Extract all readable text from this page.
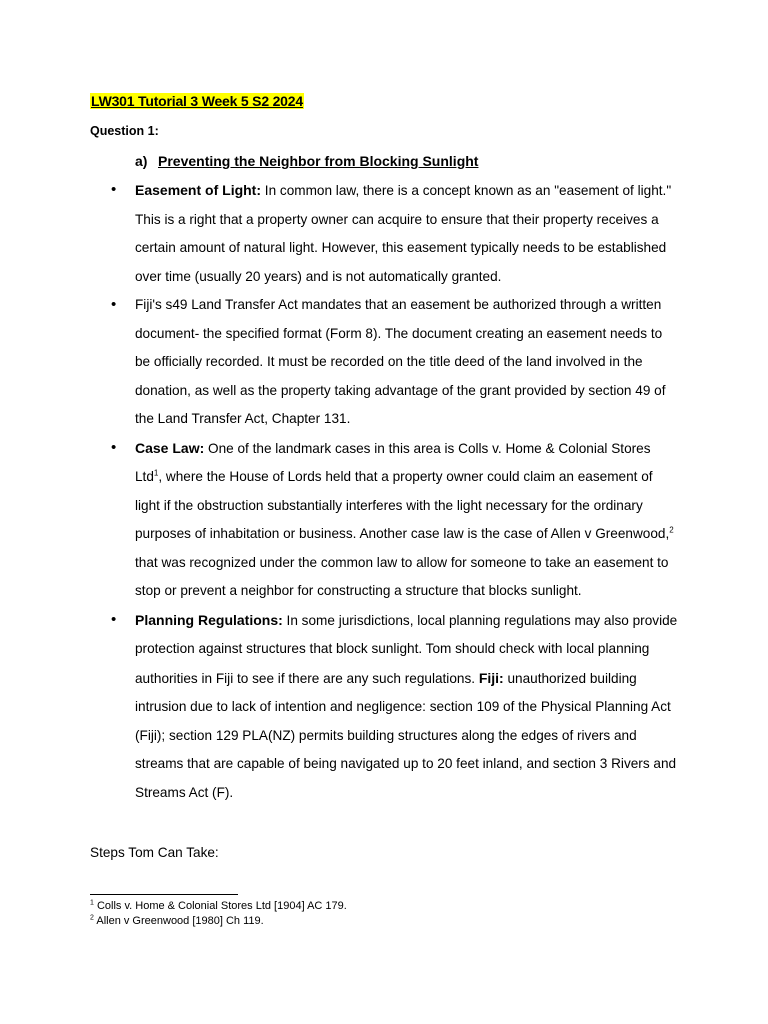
LW301 Tutorial 3 Week 5 S2 2024
Question 1:
a) Preventing the Neighbor from Blocking Sunlight

• Easement of Light: In common law, there is a concept known as an "easement of light." This is a right that a property owner can acquire to ensure that their property receives a certain amount of natural light. However, this easement typically needs to be established over time (usually 20 years) and is not automatically granted.

• Fiji's s49 Land Transfer Act mandates that an easement be authorized through a written document- the specified format (Form 8). The document creating an easement needs to be officially recorded. It must be recorded on the title deed of the land involved in the donation, as well as the property taking advantage of the grant provided by section 49 of the Land Transfer Act, Chapter 131.

• Case Law: One of the landmark cases in this area is Colls v. Home & Colonial Stores Ltd$^1$, where the House of Lords held that a property owner could claim an easement of light if the obstruction substantially interferes with the light necessary for the ordinary purposes of inhabitation or business. Another case law is the case of Allen v Greenwood,$^2$ that was recognized under the common law to allow for someone to take an easement to stop or prevent a neighbor for constructing a structure that blocks sunlight.

• Planning Regulations: In some jurisdictions, local planning regulations may also provide protection against structures that block sunlight. Tom should check with local planning authorities in Fiji to see if there are any such regulations. Fiji: unauthorized building intrusion due to lack of intention and negligence: section 109 of the Physical Planning Act (Fiji); section 129 PLA(NZ) permits building structures along the edges of rivers and streams that are capable of being navigated up to 20 feet inland, and section 3 Rivers and Streams Act (F).

Steps Tom Can Take:
$^1$ Colls v. Home & Colonial Stores Ltd [1904] AC 179.
$^2$ Allen v Greenwood [1980] Ch 119.
